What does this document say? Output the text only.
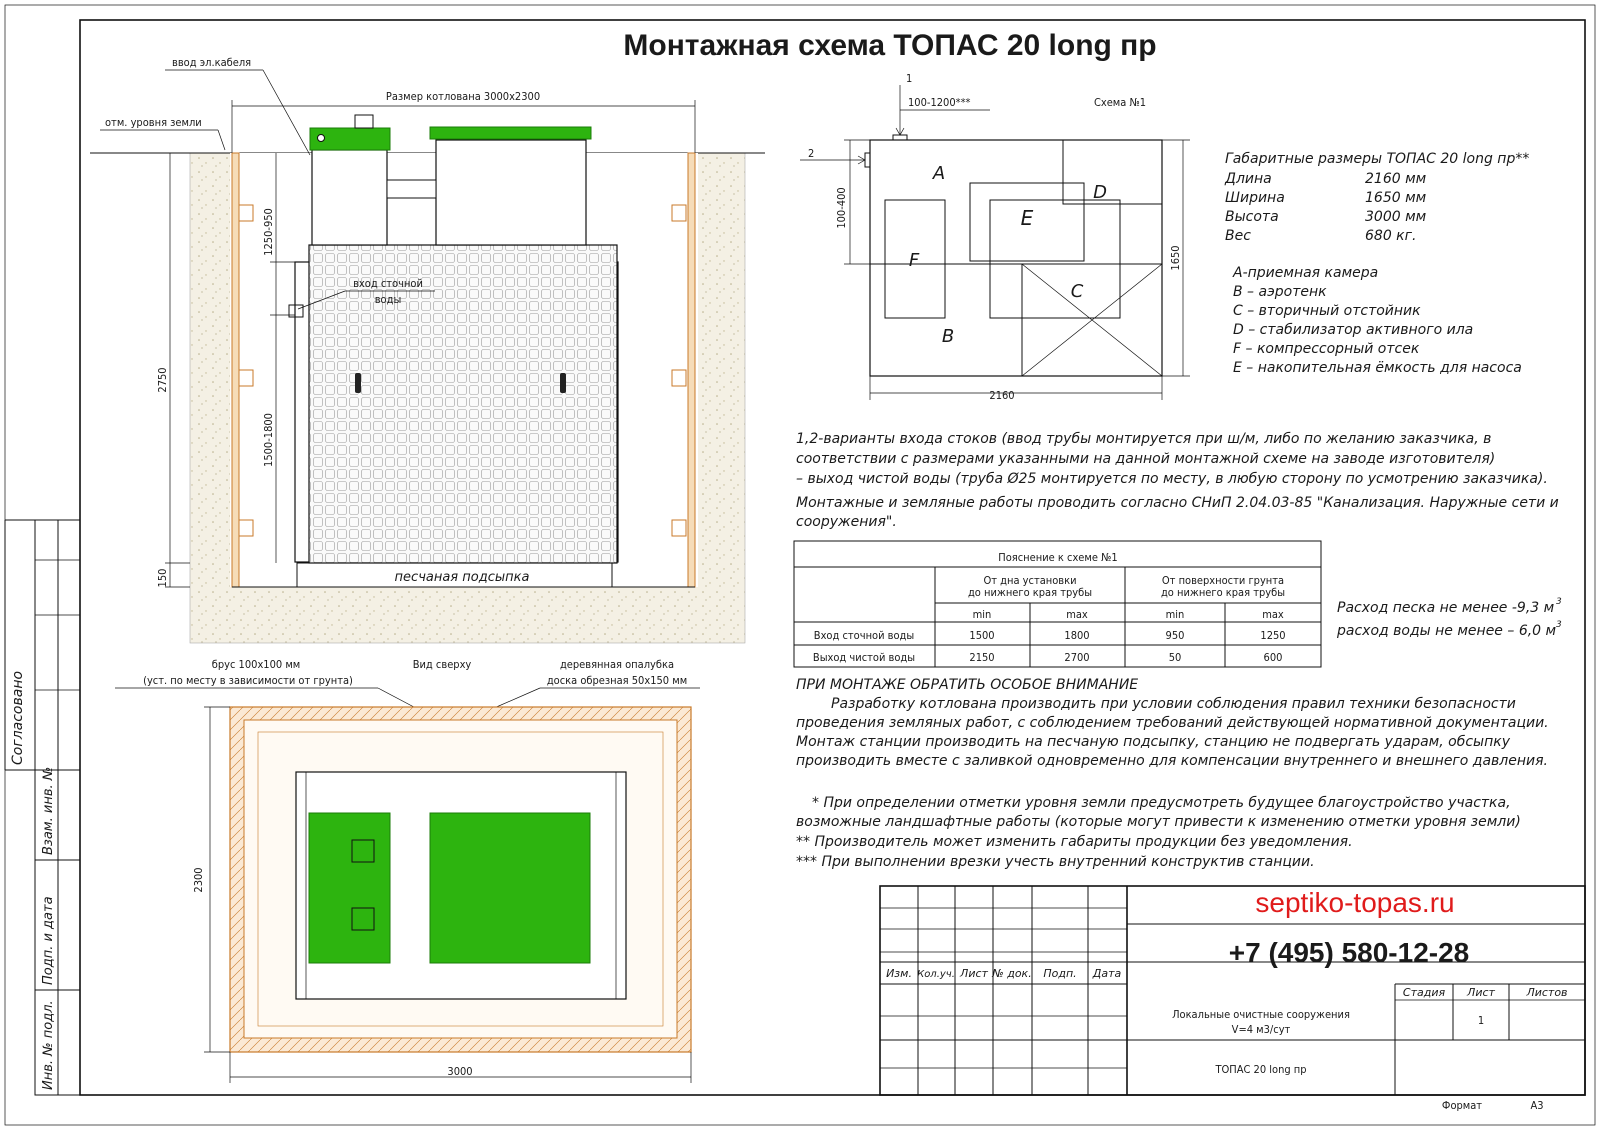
Согласовано
Взам. инв. №
Подп. и дата
Инв. № подл.
Монтажная схема ТОПАС 20 long пр
песчаная подсыпка
2750
150
1250-950
1500-1800
Размер котлована 3000х2300
ввод эл.кабеля
отм. уровня земли
вход сточной
воды
Вид сверху
брус 100х100 мм
(уст. по месту в зависимости от грунта)
деревянная опалубка
доска обрезная 50х150 мм
2300
3000
Схема №1
A
B
C
D
E
F
1
100-1200***
2
100-400
1650
2160
Габаритные размеры ТОПАС 20 long пр**
Длина	2160 мм
Ширина	1650 мм
Высота	3000 мм
Вес	680 кг.
A-приемная камера
B – аэротенк
C – вторичный отстойник
D – стабилизатор активного ила
F – компрессорный отсек
E – накопительная ёмкость для насоса
1,2-варианты входа стоков (ввод трубы монтируется при ш/м, либо по желанию заказчика, в
соответствии с размерами указанными на данной монтажной схеме на заводе изготовителя)
– выход чистой воды (труба Ø25 монтируется по месту, в любую сторону по усмотрению заказчика).
Монтажные и земляные работы проводить согласно СНиП 2.04.03-85 "Канализация. Наружные сети и
сооружения".
Пояснение к схеме №1
От дна установки
до нижнего края трубы
От поверхности грунта
до нижнего края трубы
min	max	min	max
Вход сточной воды	1500	1800	950	1250
Выход чистой воды	2150	2700	50	600
Расход песка не менее -9,3 м 3
расход воды не менее – 6,0 м 3
ПРИ МОНТАЖЕ ОБРАТИТЬ ОСОБОЕ ВНИМАНИЕ
Разработку котлована производить при условии соблюдения правил техники безопасности
проведения земляных работ, с соблюдением требований действующей нормативной документации.
Монтаж станции производить на песчаную подсыпку, станцию не подвергать ударам, обсыпку
производить вместе с заливкой одновременно для компенсации внутреннего и внешнего давления.
* При определении отметки уровня земли предусмотреть будущее благоустройство участка,
возможные ландшафтные работы (которые могут привести к изменению отметки уровня земли)
** Производитель может изменить габариты продукции без уведомления.
*** При выполнении врезки учесть внутренний конструктив станции.
septiko-topas.ru
+7 (495) 580-12-28
Изм. Кол.уч. Лист № док. Подп. Дата
Стадия Лист	Листов
1
Локальные очистные сооружения
V=4 м3/сут
ТОПАС 20 long пр
Формат	А3
